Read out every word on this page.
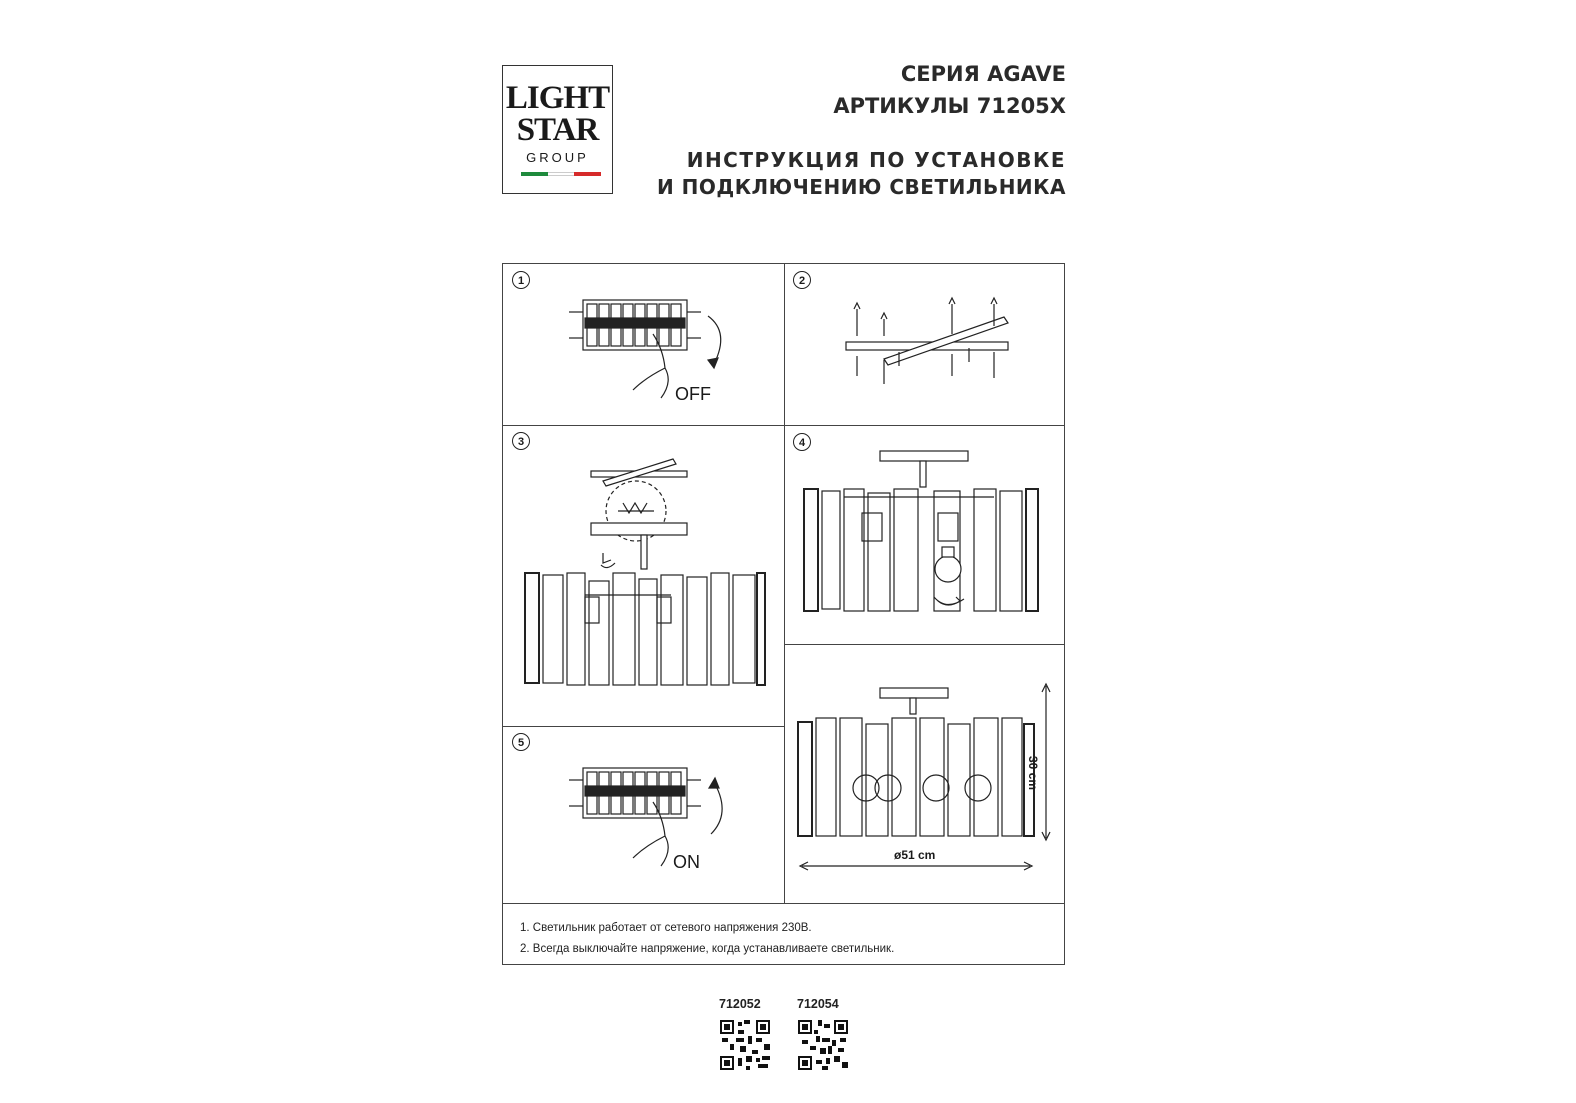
LIGHT
STAR
GROUP
СЕРИЯ AGAVE
АРТИКУЛЫ 71205X
ИНСТРУКЦИЯ ПО УСТАНОВКЕ
И ПОДКЛЮЧЕНИЮ СВЕТИЛЬНИКА
1
OFF
2
3	4
30 cm
ø51 cm
5
ON
1. Светильник работает от сетевого напряжения 230В.
2. Всегда выключайте напряжение, когда устанавливаете светильник.
712052	712054
